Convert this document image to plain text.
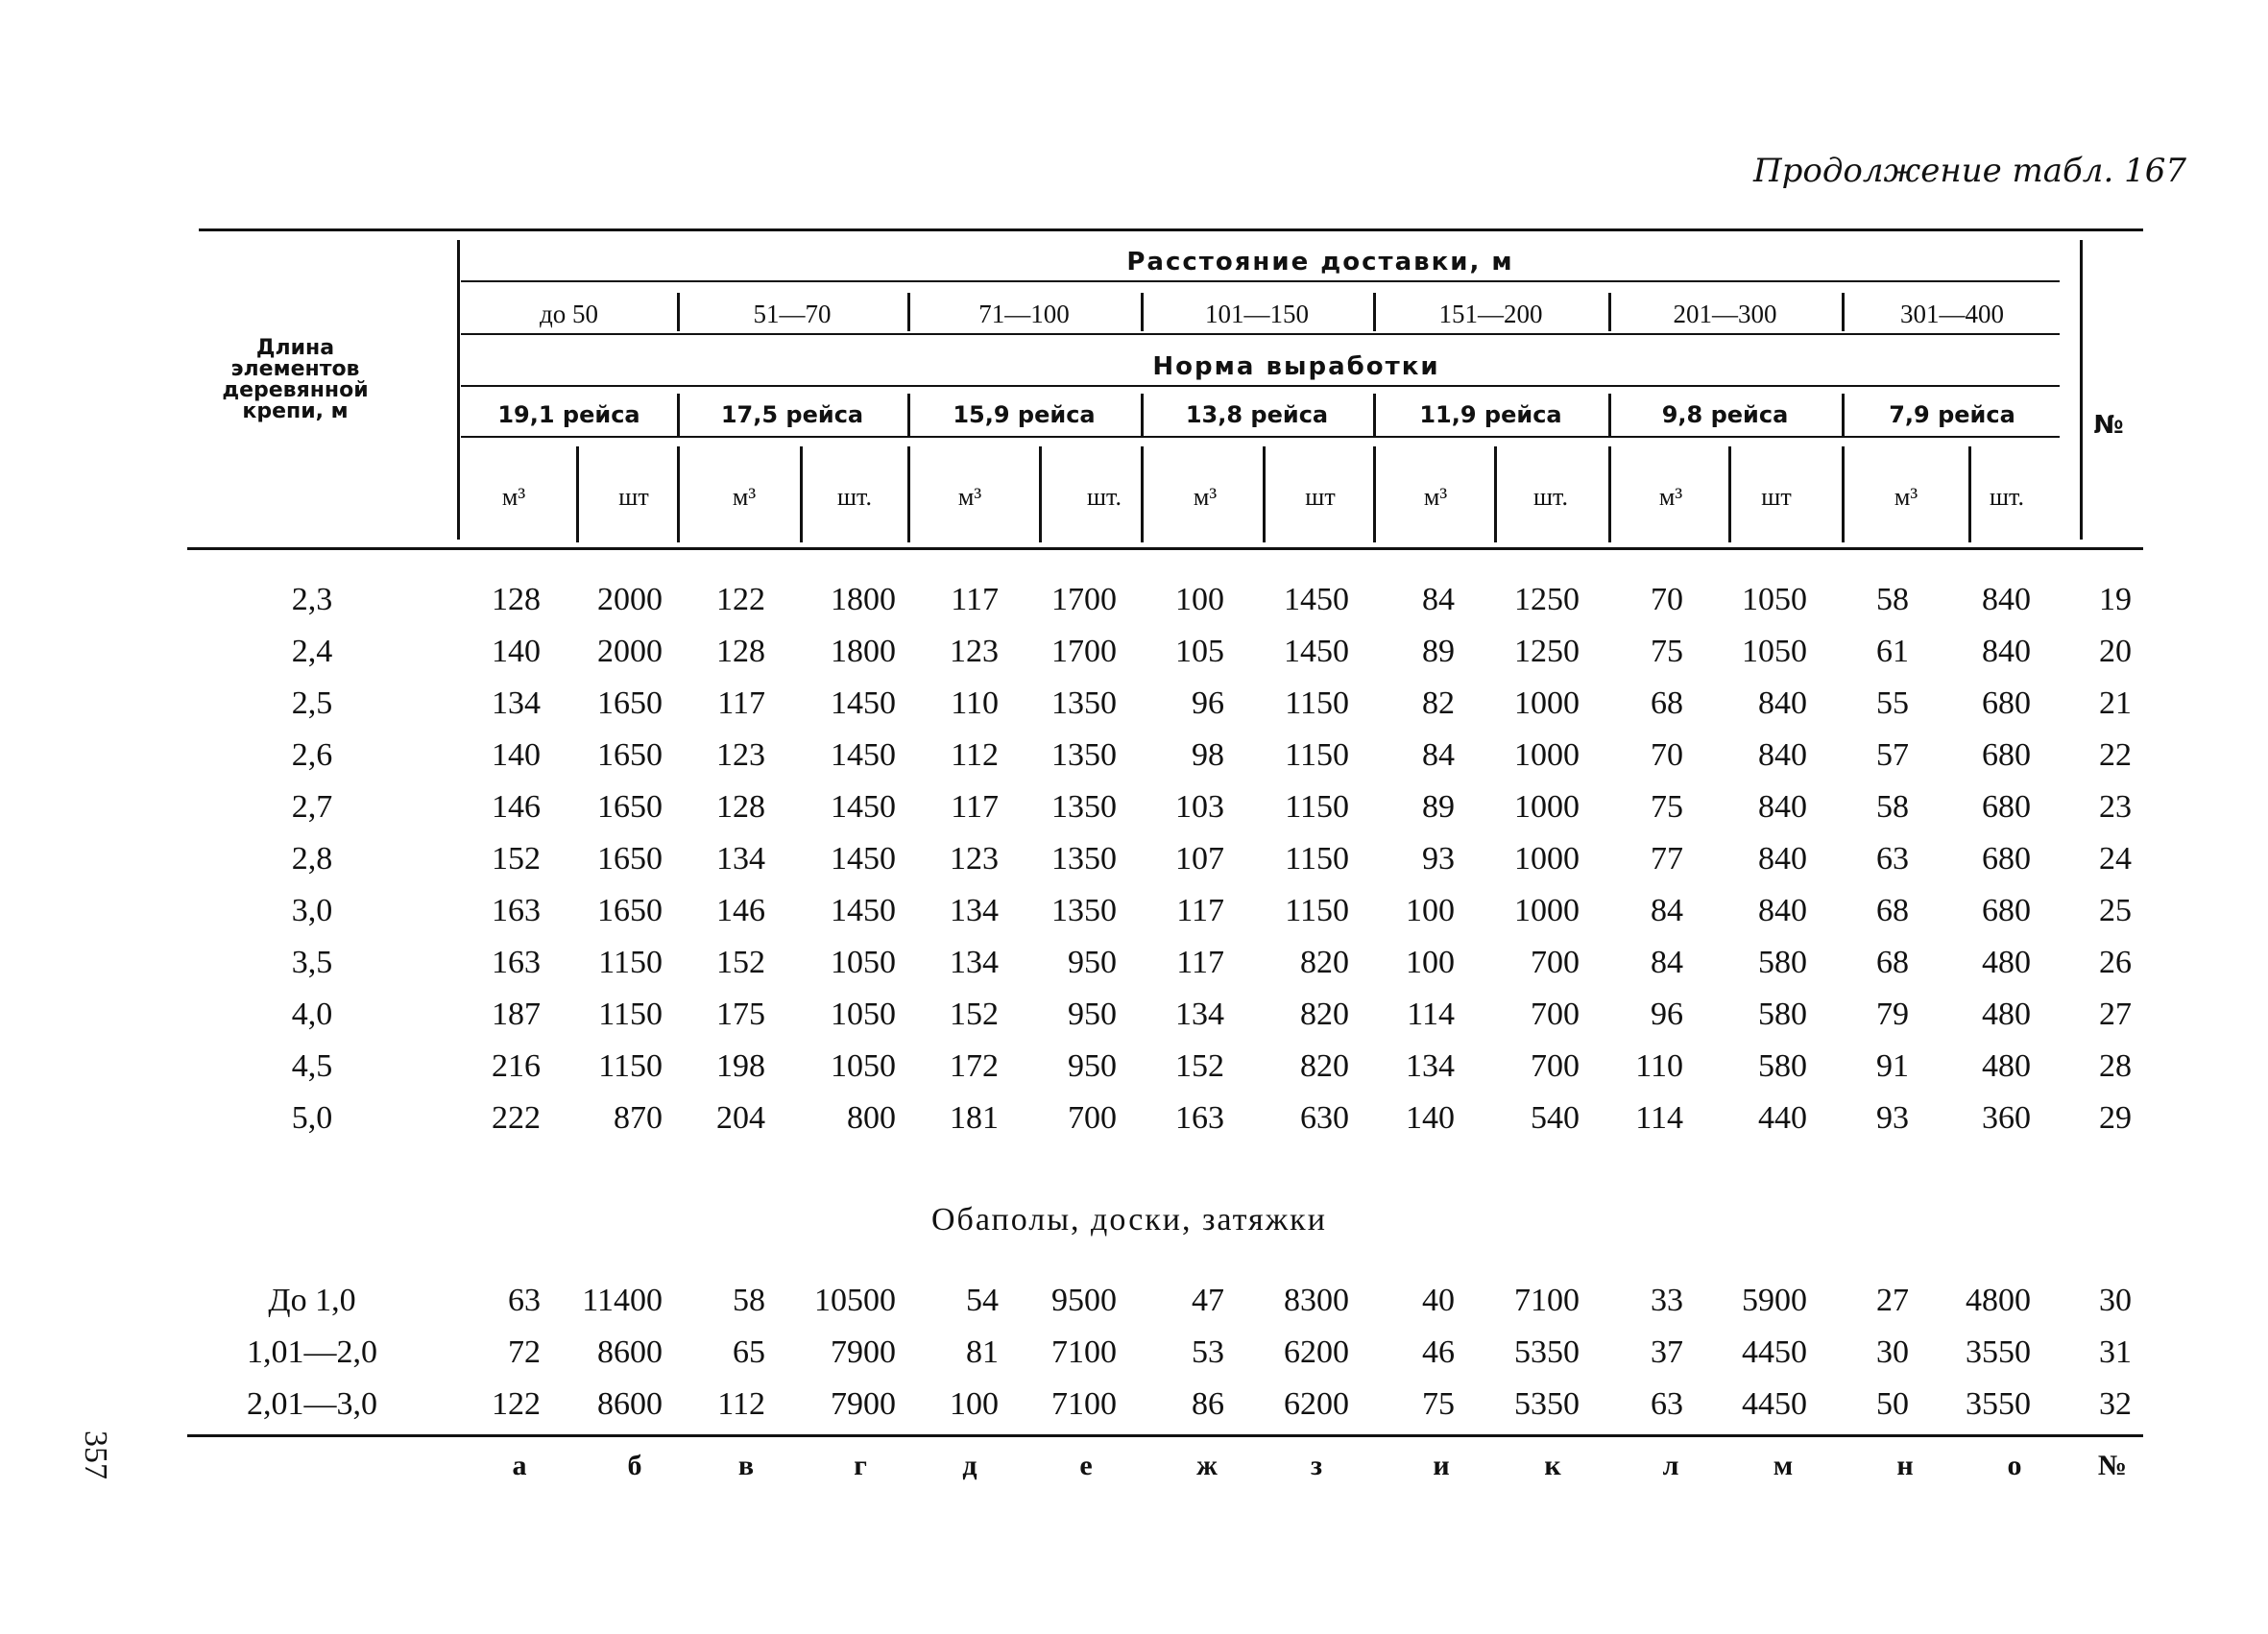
Продолжение табл. 167
Длина
элементов
деревянной
крепи, м
Расстояние доставки, м
Норма выработки
№
до 50	51—70	71—100	101—150	151—200	201—300	301—400
19,1 рейса	17,5 рейса	15,9 рейса	13,8 рейса	11,9 рейса	9,8 рейса	7,9 рейса
м³	шт	м³	шт.	м³	шт.	м³	шт	м³	шт.	м³	шт	м³	шт.
2,3	128	2000	122	1800	117	1700	100	1450	84	1250	70	1050	58	840	19
2,4	140	2000	128	1800	123	1700	105	1450	89	1250	75	1050	61	840	20
2,5	134	1650	117	1450	110	1350	96	1150	82	1000	68	840	55	680	21
2,6	140	1650	123	1450	112	1350	98	1150	84	1000	70	840	57	680	22
2,7	146	1650	128	1450	117	1350	103	1150	89	1000	75	840	58	680	23
2,8	152	1650	134	1450	123	1350	107	1150	93	1000	77	840	63	680	24
3,0	163	1650	146	1450	134	1350	117	1150	100	1000	84	840	68	680	25
3,5	163	1150	152	1050	134	950	117	820	100	700	84	580	68	480	26
4,0	187	1150	175	1050	152	950	134	820	114	700	96	580	79	480	27
4,5	216	1150	198	1050	172	950	152	820	134	700	110	580	91	480	28
5,0	222	870	204	800	181	700	163	630	140	540	114	440	93	360	29
До 1,0	63	11400	58	10500	54	9500	47	8300	40	7100	33	5900	27	4800	30
1,01—2,0	72	8600	65	7900	81	7100	53	6200	46	5350	37	4450	30	3550	31
2,01—3,0	122	8600	112	7900	100	7100	86	6200	75	5350	63	4450	50	3550	32
Обаполы, доски, затяжки
а	б	в	г	д	е	ж	з	и	к	л	м	н	о	№
357
